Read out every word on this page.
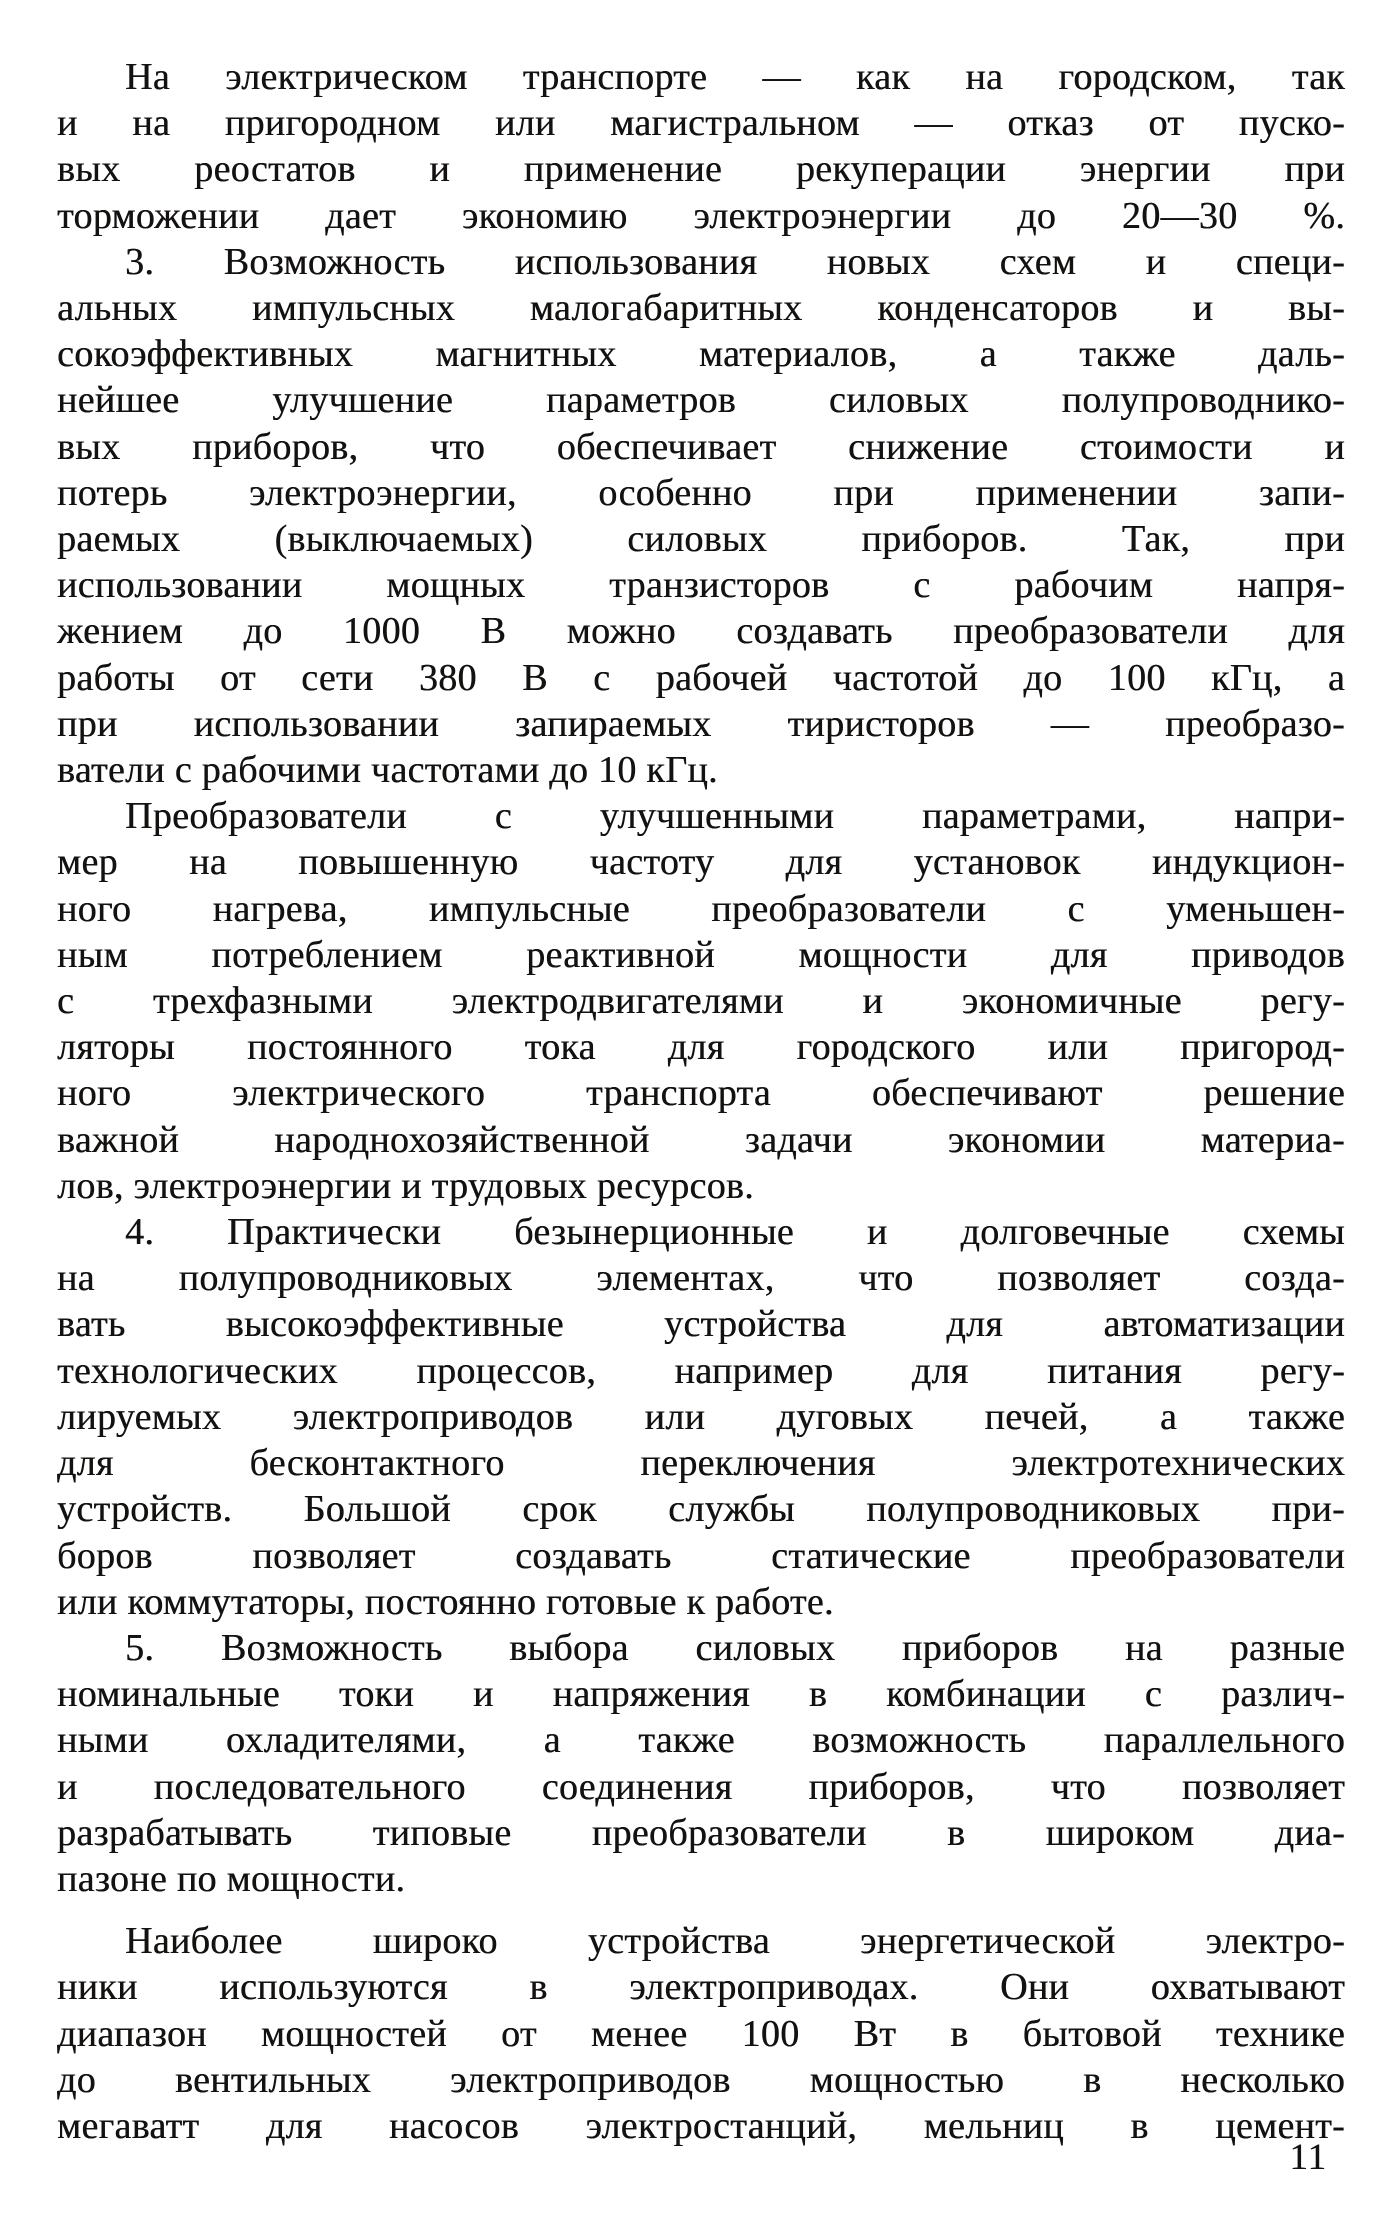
На электрическом транспорте — как на городском, так
и на пригородном или магистральном — отказ от пуско-
вых реостатов и применение рекуперации энергии при
торможении дает экономию электроэнергии до 20—30 %.
3. Возможность использования новых схем и специ-
альных импульсных малогабаритных конденсаторов и вы-
сокоэффективных магнитных материалов, а также даль-
нейшее улучшение параметров силовых полупроводнико-
вых приборов, что обеспечивает снижение стоимости и
потерь электроэнергии, особенно при применении запи-
раемых (выключаемых) силовых приборов. Так, при
использовании мощных транзисторов с рабочим напря-
жением до 1000 В можно создавать преобразователи для
работы от сети 380 В с рабочей частотой до 100 кГц, а
при использовании запираемых тиристоров — преобразо-
ватели с рабочими частотами до 10 кГц.
Преобразователи с улучшенными параметрами, напри-
мер на повышенную частоту для установок индукцион-
ного нагрева, импульсные преобразователи с уменьшен-
ным потреблением реактивной мощности для приводов
с трехфазными электродвигателями и экономичные регу-
ляторы постоянного тока для городского или пригород-
ного электрического транспорта обеспечивают решение
важной народнохозяйственной задачи экономии материа-
лов, электроэнергии и трудовых ресурсов.
4. Практически безынерционные и долговечные схемы
на полупроводниковых элементах, что позволяет созда-
вать высокоэффективные устройства для автоматизации
технологических процессов, например для питания регу-
лируемых электроприводов или дуговых печей, а также
для бесконтактного переключения электротехнических
устройств. Большой срок службы полупроводниковых при-
боров позволяет создавать статические преобразователи
или коммутаторы, постоянно готовые к работе.
5. Возможность выбора силовых приборов на разные
номинальные токи и напряжения в комбинации с различ-
ными охладителями, а также возможность параллельного
и последовательного соединения приборов, что позволяет
разрабатывать типовые преобразователи в широком диа-
пазоне по мощности.
Наиболее широко устройства энергетической электро-
ники используются в электроприводах. Они охватывают
диапазон мощностей от менее 100 Вт в бытовой технике
до вентильных электроприводов мощностью в несколько
мегаватт для насосов электростанций, мельниц в цемент-
11
